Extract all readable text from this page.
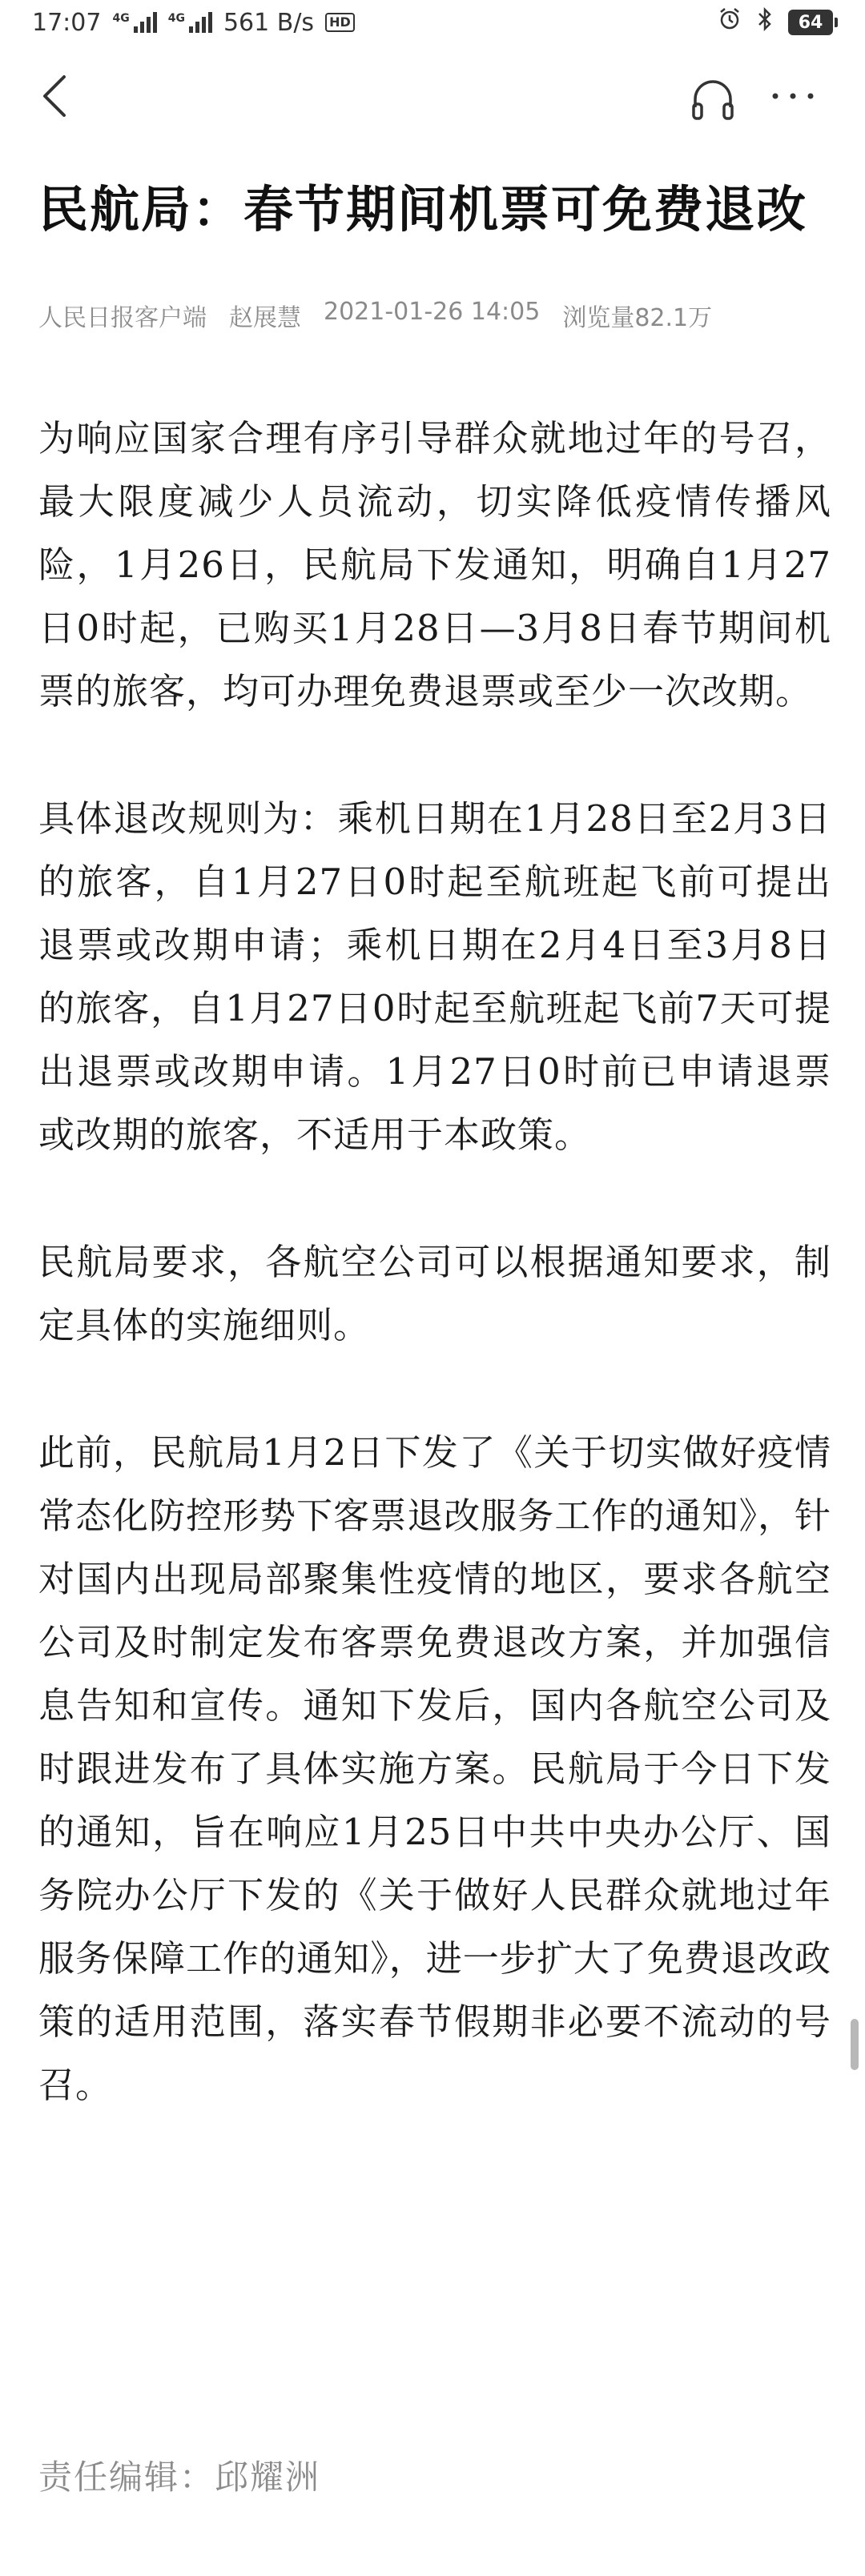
17:07 4G	4G 561 B/s	HD	64
民航局：春节期间机票可免费退改
人民日报客户端 赵展慧 2021-01-26 14:05 浏览量82.1万

为响应国家合理有序引导群众就地过年的号召，最大限度减少人员流动，切实降低疫情传播风险，1月26日，民航局下发通知，明确自1月27日0时起，已购买1月28日—3月8日春节期间机票的旅客，均可办理免费退票或至少一次改期。

具体退改规则为：乘机日期在1月28日至2月3日的旅客，自1月27日0时起至航班起飞前可提出退票或改期申请；乘机日期在2月4日至3月8日的旅客，自1月27日0时起至航班起飞前7天可提出退票或改期申请。1月27日0时前已申请退票或改期的旅客，不适用于本政策。

民航局要求，各航空公司可以根据通知要求，制定具体的实施细则。

此前，民航局1月2日下发了《关于切实做好疫情常态化防控形势下客票退改服务工作的通知》，针对国内出现局部聚集性疫情的地区，要求各航空公司及时制定发布客票免费退改方案，并加强信息告知和宣传。通知下发后，国内各航空公司及时跟进发布了具体实施方案。民航局于今日下发的通知，旨在响应1月25日中共中央办公厅、国务院办公厅下发的《关于做好人民群众就地过年服务保障工作的通知》，进一步扩大了免费退改政策的适用范围，落实春节假期非必要不流动的号召。

责任编辑：邱耀洲
